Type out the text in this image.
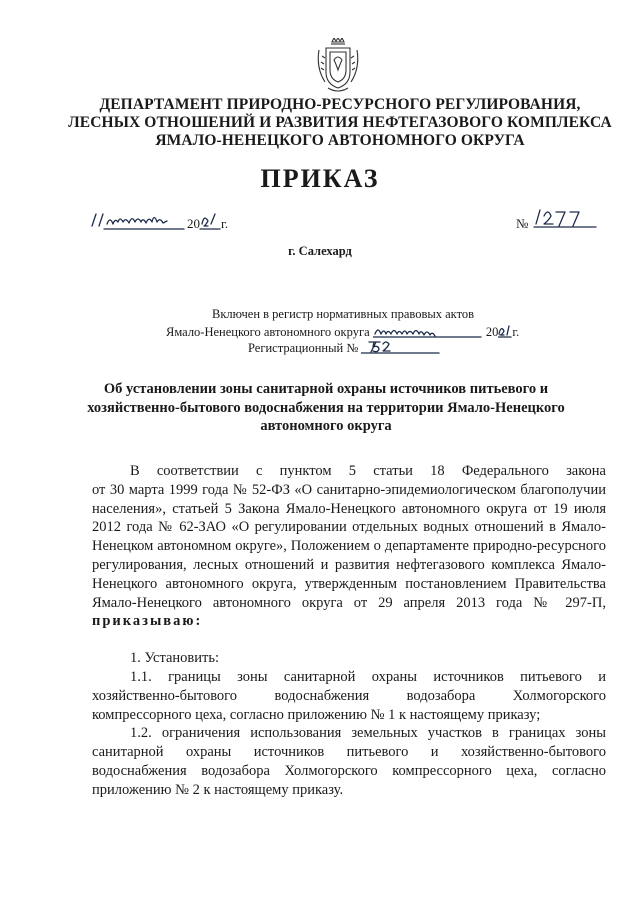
ДЕПАРТАМЕНТ ПРИРОДНО-РЕСУРСНОГО РЕГУЛИРОВАНИЯ,
ЛЕСНЫХ ОТНОШЕНИЙ И РАЗВИТИЯ НЕФТЕГАЗОВОГО КОМПЛЕКСА
ЯМАЛО-НЕНЕЦКОГО АВТОНОМНОГО ОКРУГА
ПРИКАЗ
20 г.	№
г. Салехард
Включен в регистр нормативных правовых актов
Ямало-Ненецкого автономного округа	20 г.
Регистрационный №
Об установлении зоны санитарной охраны источников питьевого и
хозяйственно-бытового водоснабжения на территории Ямало-Ненецкого
автономного округа

В соответствии с пунктом 5 статьи 18 Федерального закона

от 30 марта 1999 года № 52-ФЗ «О санитарно-эпидемиологическом благополучии

населения», статьей 5 Закона Ямало-Ненецкого автономного округа от 19 июля

2012 года № 62-ЗАО «О регулировании отдельных водных отношений в Ямало-

Ненецком автономном округе», Положением о департаменте природно-ресурсного

регулирования, лесных отношений и развития нефтегазового комплекса Ямало-

Ненецкого автономного округа, утвержденным постановлением Правительства

Ямало-Ненецкого автономного округа от 29 апреля 2013 года № 297-П,

приказываю:

1. Установить:

1.1. границы зоны санитарной охраны источников питьевого и

хозяйственно-бытового водоснабжения водозабора Холмогорского

компрессорного цеха, согласно приложению № 1 к настоящему приказу;

1.2. ограничения использования земельных участков в границах зоны

санитарной охраны источников питьевого и хозяйственно-бытового

водоснабжения водозабора Холмогорского компрессорного цеха, согласно

приложению № 2 к настоящему приказу.
